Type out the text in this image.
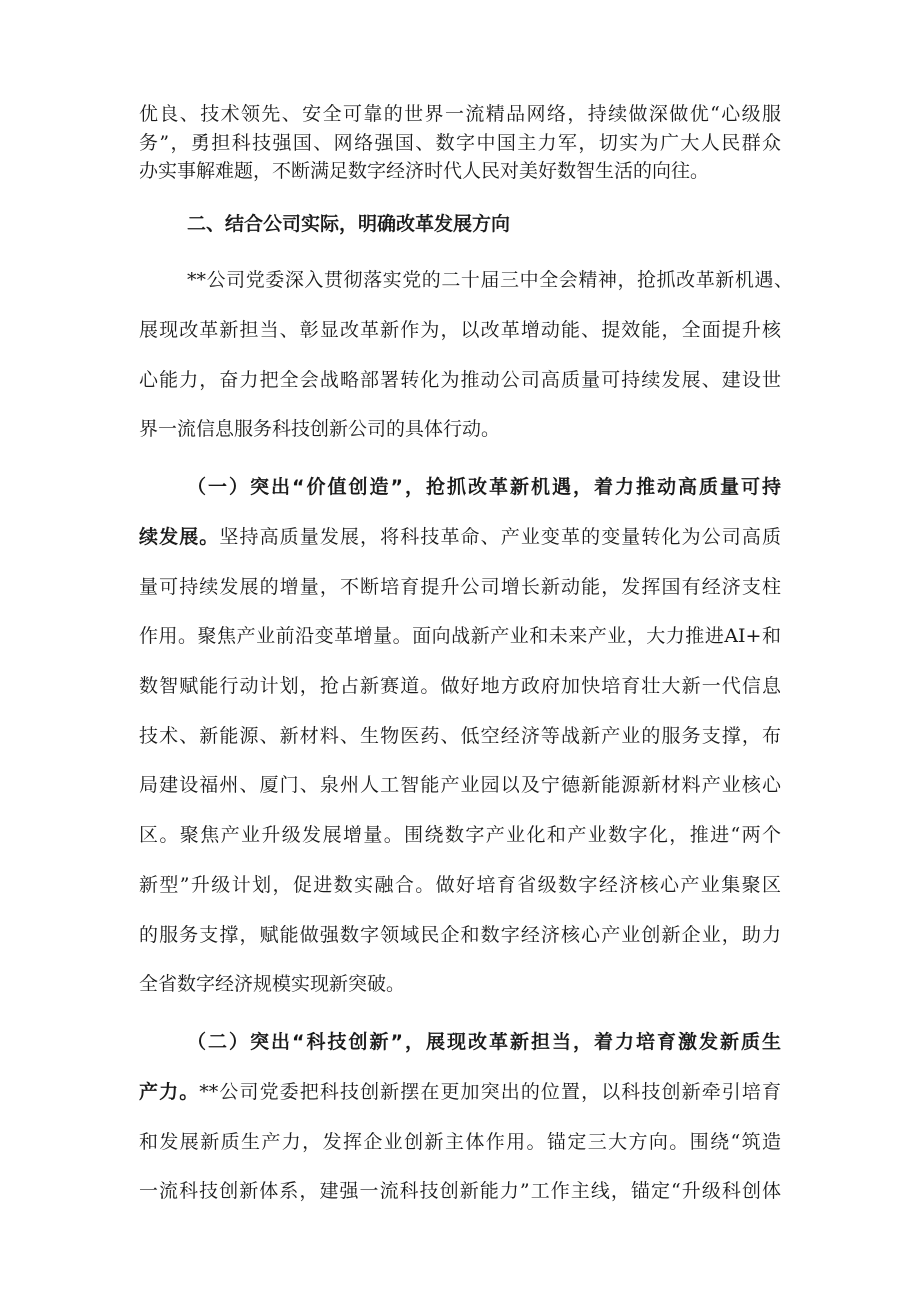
优良、技术领先、安全可靠的世界一流精品网络，持续做深做优“心级服
务”，勇担科技强国、网络强国、数字中国主力军，切实为广大人民群众
办实事解难题，不断满足数字经济时代人民对美好数智生活的向往。
二、结合公司实际，明确改革发展方向
**公司党委深入贯彻落实党的二十届三中全会精神，抢抓改革新机遇、
展现改革新担当、彰显改革新作为，以改革增动能、提效能，全面提升核
心能力，奋力把全会战略部署转化为推动公司高质量可持续发展、建设世
界一流信息服务科技创新公司的具体行动。
（一）突出“价值创造”，抢抓改革新机遇，着力推动高质量可持
续发展。坚持高质量发展，将科技革命、产业变革的变量转化为公司高质
量可持续发展的增量，不断培育提升公司增长新动能，发挥国有经济支柱
作用。聚焦产业前沿变革增量。面向战新产业和未来产业，大力推进AI+和
数智赋能行动计划，抢占新赛道。做好地方政府加快培育壮大新一代信息
技术、新能源、新材料、生物医药、低空经济等战新产业的服务支撑，布
局建设福州、厦门、泉州人工智能产业园以及宁德新能源新材料产业核心
区。聚焦产业升级发展增量。围绕数字产业化和产业数字化，推进“两个
新型”升级计划，促进数实融合。做好培育省级数字经济核心产业集聚区
的服务支撑，赋能做强数字领域民企和数字经济核心产业创新企业，助力
全省数字经济规模实现新突破。
（二）突出“科技创新”，展现改革新担当，着力培育激发新质生
产力。**公司党委把科技创新摆在更加突出的位置，以科技创新牵引培育
和发展新质生产力，发挥企业创新主体作用。锚定三大方向。围绕“筑造
一流科技创新体系，建强一流科技创新能力”工作主线，锚定“升级科创体
